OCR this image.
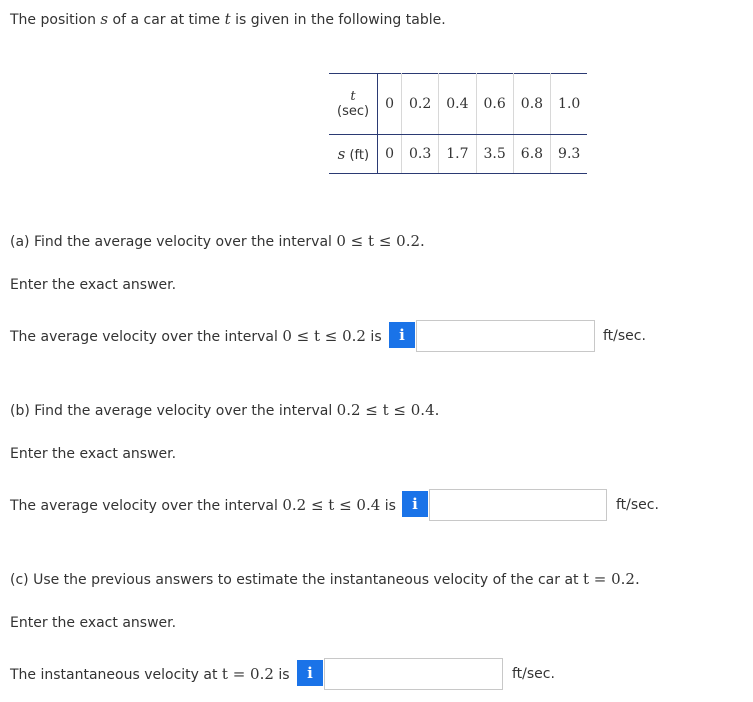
The position s of a car at time t is given in the following table.
t
(sec)	0	0.2	0.4	0.6	0.8	1.0
s (ft)	0	0.3	1.7	3.5	6.8	9.3
(a) Find the average velocity over the interval 0 ≤ t ≤ 0.2.
Enter the exact answer.
The average velocity over the interval 0 ≤ t ≤ 0.2 is	i	ft/sec.
(b) Find the average velocity over the interval 0.2 ≤ t ≤ 0.4.
Enter the exact answer.
The average velocity over the interval 0.2 ≤ t ≤ 0.4 is	i	ft/sec.
(c) Use the previous answers to estimate the instantaneous velocity of the car at t = 0.2.
Enter the exact answer.
The instantaneous velocity at t = 0.2 is	i	ft/sec.
